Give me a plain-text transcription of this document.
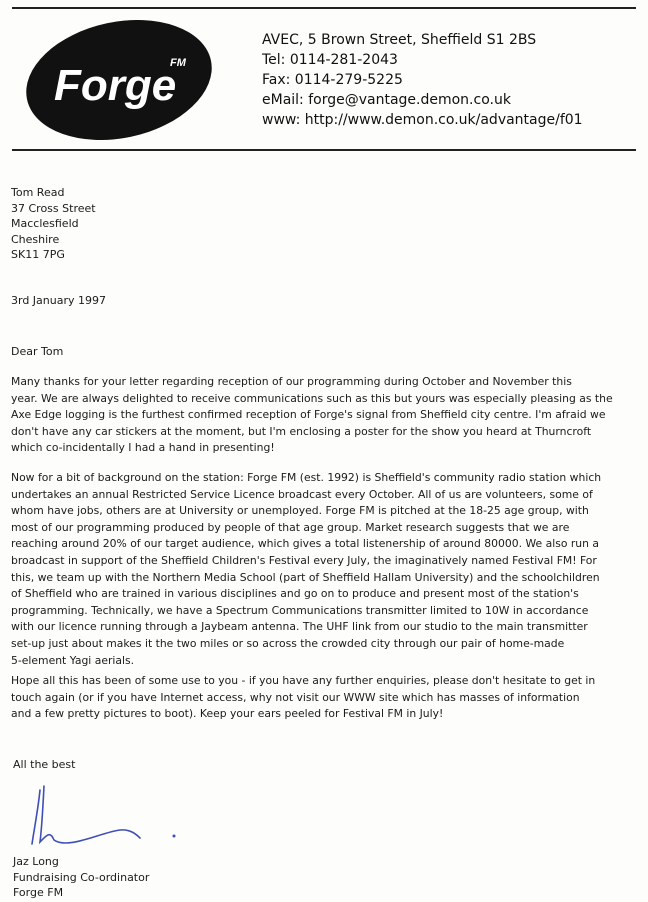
Forge
FM
AVEC, 5 Brown Street, Sheffield S1 2BS
Tel: 0114-281-2043
Fax: 0114-279-5225
eMail: forge@vantage.demon.co.uk
www: http://www.demon.co.uk/advantage/f01
Tom Read
37 Cross Street
Macclesfield
Cheshire
SK11 7PG
3rd January 1997
Dear Tom
Many thanks for your letter regarding reception of our programming during October and November this
year. We are always delighted to receive communications such as this but yours was especially pleasing as the
Axe Edge logging is the furthest confirmed reception of Forge's signal from Sheffield city centre. I'm afraid we
don't have any car stickers at the moment, but I'm enclosing a poster for the show you heard at Thurncroft
which co-incidentally I had a hand in presenting!
Now for a bit of background on the station: Forge FM (est. 1992) is Sheffield's community radio station which
undertakes an annual Restricted Service Licence broadcast every October. All of us are volunteers, some of
whom have jobs, others are at University or unemployed. Forge FM is pitched at the 18-25 age group, with
most of our programming produced by people of that age group. Market research suggests that we are
reaching around 20% of our target audience, which gives a total listenership of around 80000. We also run a
broadcast in support of the Sheffield Children's Festival every July, the imaginatively named Festival FM! For
this, we team up with the Northern Media School (part of Sheffield Hallam University) and the schoolchildren
of Sheffield who are trained in various disciplines and go on to produce and present most of the station's
programming. Technically, we have a Spectrum Communications transmitter limited to 10W in accordance
with our licence running through a Jaybeam antenna. The UHF link from our studio to the main transmitter
set-up just about makes it the two miles or so across the crowded city through our pair of home-made
5-element Yagi aerials.
Hope all this has been of some use to you - if you have any further enquiries, please don't hesitate to get in
touch again (or if you have Internet access, why not visit our WWW site which has masses of information
and a few pretty pictures to boot). Keep your ears peeled for Festival FM in July!
All the best
Jaz Long
Fundraising Co-ordinator
Forge FM
